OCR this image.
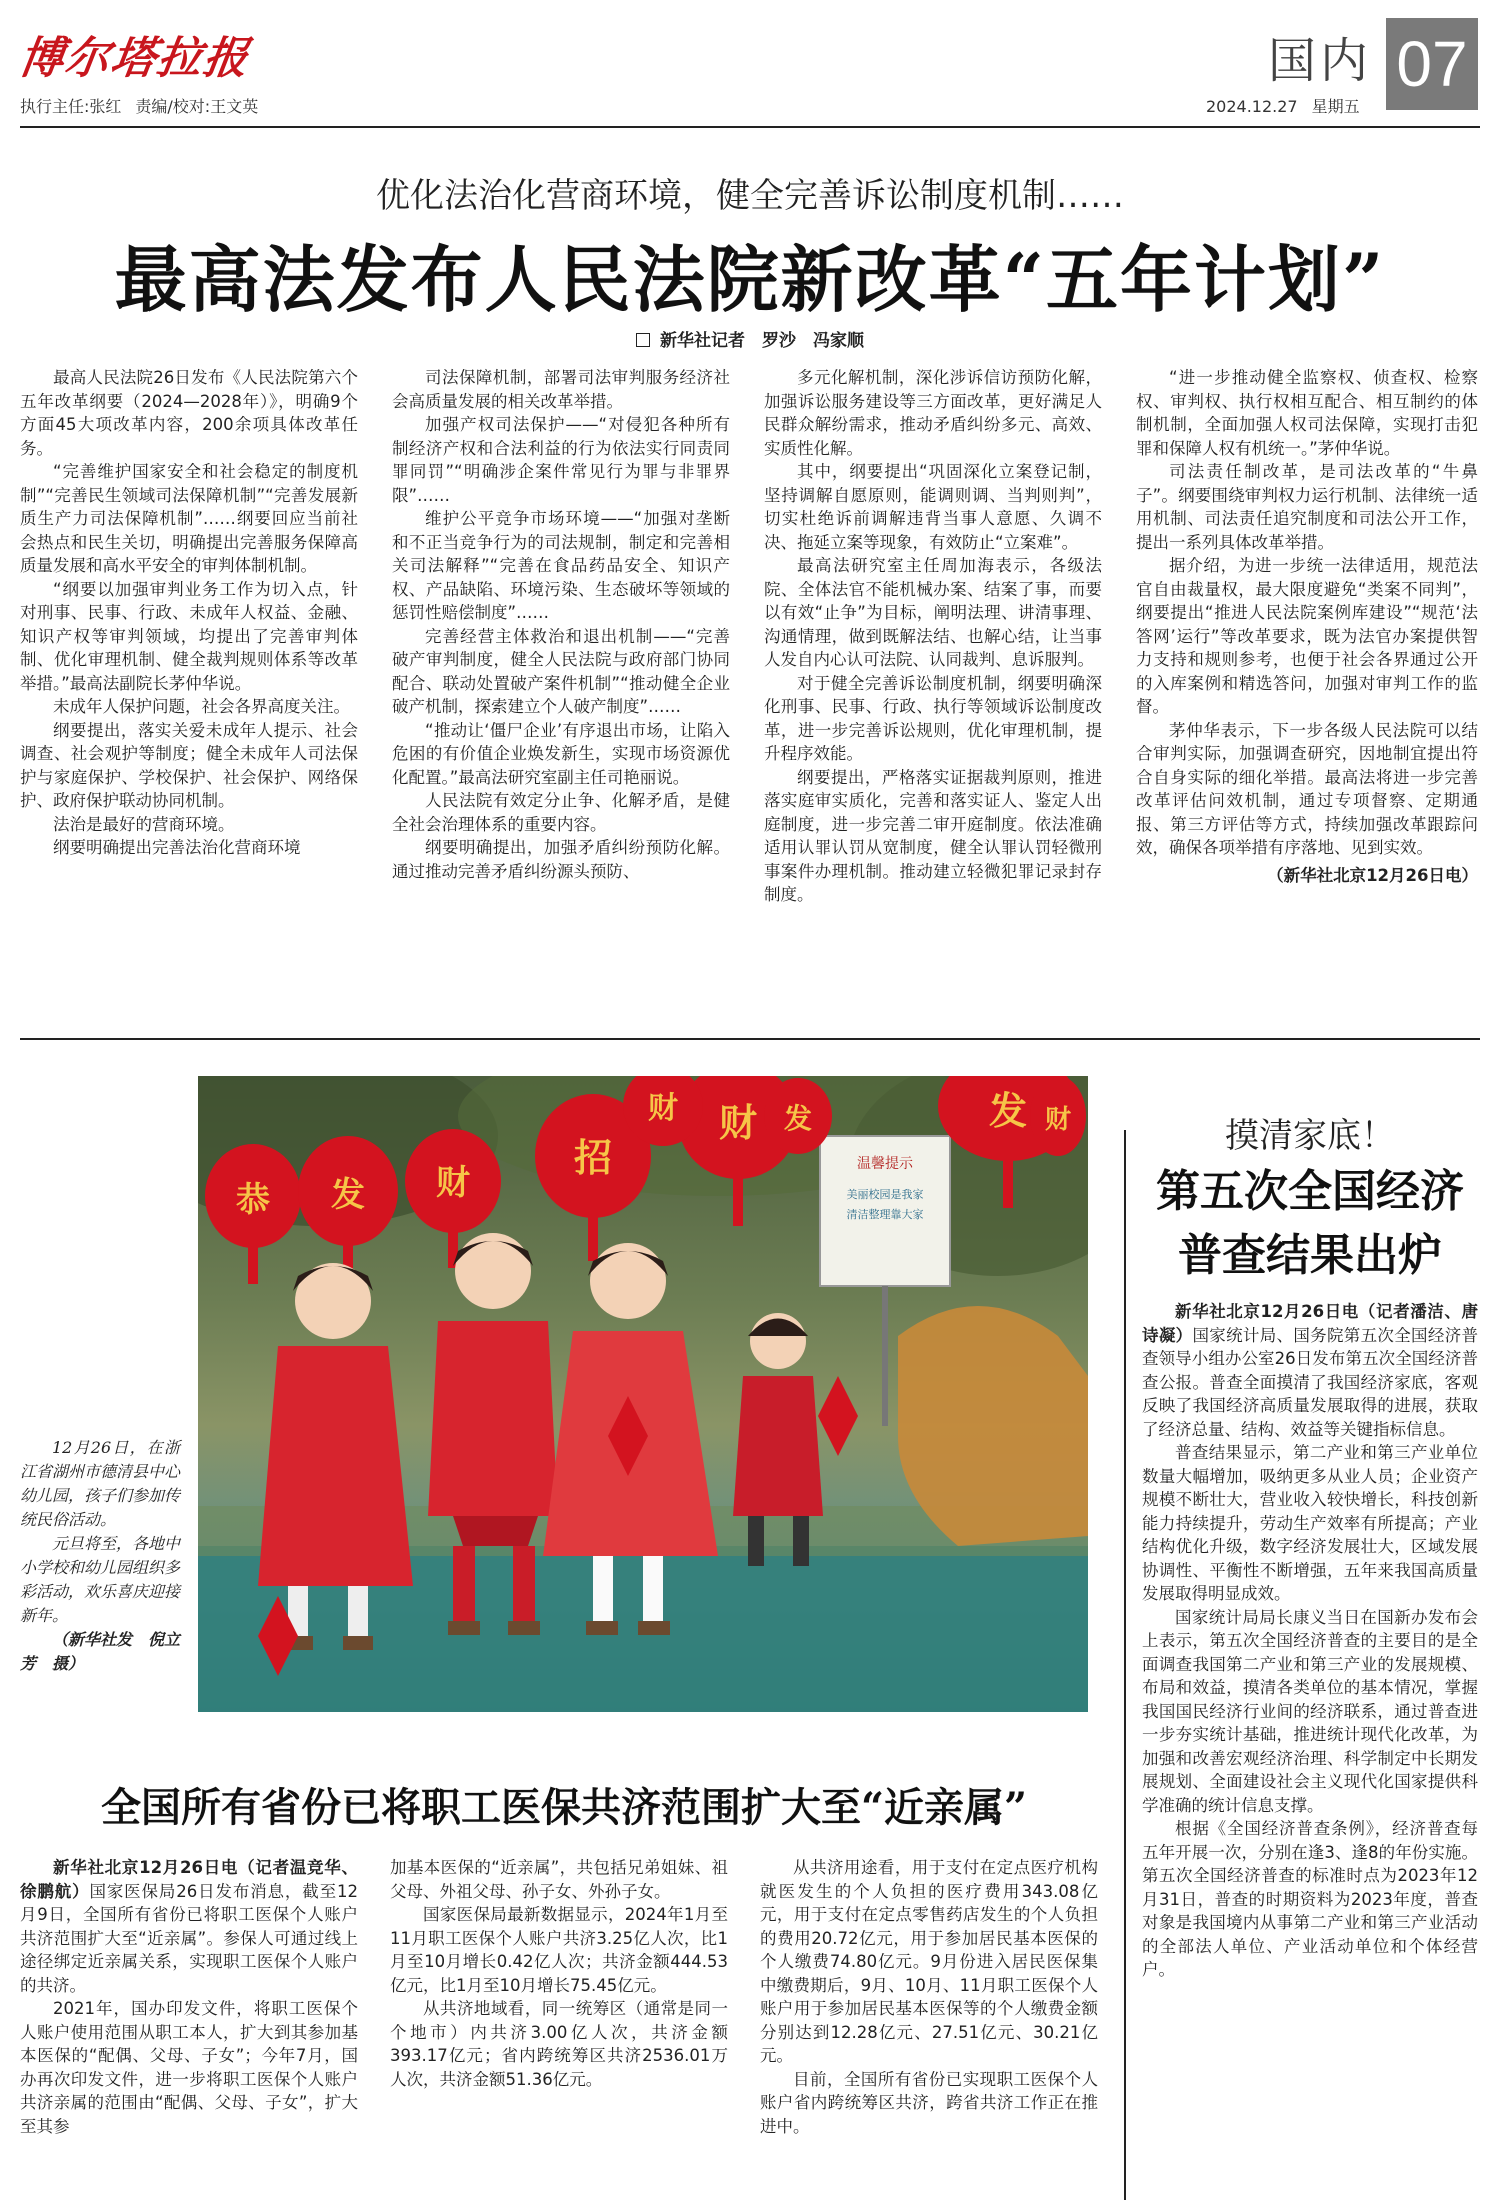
博尔塔拉报
执行主任:张红 责编/校对:王文英
国内 07
2024.12.27 星期五
优化法治化营商环境，健全完善诉讼制度机制……
最高法发布人民法院新改革“五年计划”
新华社记者　罗沙　冯家顺

最高人民法院26日发布《人民法院第六个五年改革纲要（2024—2028年）》，明确9个方面45大项改革内容，200余项具体改革任务。

“完善维护国家安全和社会稳定的制度机制”“完善民生领域司法保障机制”“完善发展新质生产力司法保障机制”……纲要回应当前社会热点和民生关切，明确提出完善服务保障高质量发展和高水平安全的审判体制机制。

“纲要以加强审判业务工作为切入点，针对刑事、民事、行政、未成年人权益、金融、知识产权等审判领域，均提出了完善审判体制、优化审理机制、健全裁判规则体系等改革举措。”最高法副院长茅仲华说。

未成年人保护问题，社会各界高度关注。

纲要提出，落实关爱未成年人提示、社会调查、社会观护等制度；健全未成年人司法保护与家庭保护、学校保护、社会保护、网络保护、政府保护联动协同机制。

法治是最好的营商环境。

纲要明确提出完善法治化营商环境

司法保障机制，部署司法审判服务经济社会高质量发展的相关改革举措。

加强产权司法保护——“对侵犯各种所有制经济产权和合法利益的行为依法实行同责同罪同罚”“明确涉企案件常见行为罪与非罪界限”……

维护公平竞争市场环境——“加强对垄断和不正当竞争行为的司法规制，制定和完善相关司法解释”“完善在食品药品安全、知识产权、产品缺陷、环境污染、生态破坏等领域的惩罚性赔偿制度”……

完善经营主体救治和退出机制——“完善破产审判制度，健全人民法院与政府部门协同配合、联动处置破产案件机制”“推动健全企业破产机制，探索建立个人破产制度”……

“推动让‘僵尸企业’有序退出市场，让陷入危困的有价值企业焕发新生，实现市场资源优化配置。”最高法研究室副主任司艳丽说。

人民法院有效定分止争、化解矛盾，是健全社会治理体系的重要内容。

纲要明确提出，加强矛盾纠纷预防化解。通过推动完善矛盾纠纷源头预防、

多元化解机制，深化涉诉信访预防化解，加强诉讼服务建设等三方面改革，更好满足人民群众解纷需求，推动矛盾纠纷多元、高效、实质性化解。

其中，纲要提出“巩固深化立案登记制，坚持调解自愿原则，能调则调、当判则判”，切实杜绝诉前调解违背当事人意愿、久调不决、拖延立案等现象，有效防止“立案难”。

最高法研究室主任周加海表示，各级法院、全体法官不能机械办案、结案了事，而要以有效“止争”为目标，阐明法理、讲清事理、沟通情理，做到既解法结、也解心结，让当事人发自内心认可法院、认同裁判、息诉服判。

对于健全完善诉讼制度机制，纲要明确深化刑事、民事、行政、执行等领域诉讼制度改革，进一步完善诉讼规则，优化审理机制，提升程序效能。

纲要提出，严格落实证据裁判原则，推进落实庭审实质化，完善和落实证人、鉴定人出庭制度，进一步完善二审开庭制度。依法准确适用认罪认罚从宽制度，健全认罪认罚轻微刑事案件办理机制。推动建立轻微犯罪记录封存制度。

“进一步推动健全监察权、侦查权、检察权、审判权、执行权相互配合、相互制约的体制机制，全面加强人权司法保障，实现打击犯罪和保障人权有机统一。”茅仲华说。

司法责任制改革，是司法改革的“牛鼻子”。纲要围绕审判权力运行机制、法律统一适用机制、司法责任追究制度和司法公开工作，提出一系列具体改革举措。

据介绍，为进一步统一法律适用，规范法官自由裁量权，最大限度避免“类案不同判”，纲要提出“推进人民法院案例库建设”“规范‘法答网’运行”等改革要求，既为法官办案提供智力支持和规则参考，也便于社会各界通过公开的入库案例和精选答问，加强对审判工作的监督。

茅仲华表示，下一步各级人民法院可以结合审判实际，加强调查研究，因地制宜提出符合自身实际的细化举措。最高法将进一步完善改革评估问效机制，通过专项督察、定期通报、第三方评估等方式，持续加强改革跟踪问效，确保各项举措有序落地、见到实效。

（新华社北京12月26日电）

温馨提示
美丽校园是我家
清洁整理靠大家
恭 发 财
招
财	发
财	发	财

12月26日，在浙江省湖州市德清县中心幼儿园，孩子们参加传统民俗活动。

元旦将至，各地中小学校和幼儿园组织多彩活动，欢乐喜庆迎接新年。

（新华社发　倪立芳　摄）

全国所有省份已将职工医保共济范围扩大至“近亲属”

新华社北京12月26日电（记者温竞华、徐鹏航）国家医保局26日发布消息，截至12月9日，全国所有省份已将职工医保个人账户共济范围扩大至“近亲属”。参保人可通过线上途径绑定近亲属关系，实现职工医保个人账户的共济。

2021年，国办印发文件，将职工医保个人账户使用范围从职工本人，扩大到其参加基本医保的“配偶、父母、子女”；今年7月，国办再次印发文件，进一步将职工医保个人账户共济亲属的范围由“配偶、父母、子女”，扩大至其参

加基本医保的“近亲属”，共包括兄弟姐妹、祖父母、外祖父母、孙子女、外孙子女。

国家医保局最新数据显示，2024年1月至11月职工医保个人账户共济3.25亿人次，比1月至10月增长0.42亿人次；共济金额444.53亿元，比1月至10月增长75.45亿元。

从共济地域看，同一统筹区（通常是同一个地市）内共济3.00亿人次，共济金额393.17亿元；省内跨统筹区共济2536.01万人次，共济金额51.36亿元。

从共济用途看，用于支付在定点医疗机构就医发生的个人负担的医疗费用343.08亿元，用于支付在定点零售药店发生的个人负担的费用20.72亿元，用于参加居民基本医保的个人缴费74.80亿元。9月份进入居民医保集中缴费期后，9月、10月、11月职工医保个人账户用于参加居民基本医保等的个人缴费金额分别达到12.28亿元、27.51亿元、30.21亿元。

目前，全国所有省份已实现职工医保个人账户省内跨统筹区共济，跨省共济工作正在推进中。

摸清家底！
第五次全国经济普查结果出炉

新华社北京12月26日电（记者潘洁、唐诗凝）国家统计局、国务院第五次全国经济普查领导小组办公室26日发布第五次全国经济普查公报。普查全面摸清了我国经济家底，客观反映了我国经济高质量发展取得的进展，获取了经济总量、结构、效益等关键指标信息。

普查结果显示，第二产业和第三产业单位数量大幅增加，吸纳更多从业人员；企业资产规模不断壮大，营业收入较快增长，科技创新能力持续提升，劳动生产效率有所提高；产业结构优化升级，数字经济发展壮大，区域发展协调性、平衡性不断增强，五年来我国高质量发展取得明显成效。

国家统计局局长康义当日在国新办发布会上表示，第五次全国经济普查的主要目的是全面调查我国第二产业和第三产业的发展规模、布局和效益，摸清各类单位的基本情况，掌握我国国民经济行业间的经济联系，通过普查进一步夯实统计基础，推进统计现代化改革，为加强和改善宏观经济治理、科学制定中长期发展规划、全面建设社会主义现代化国家提供科学准确的统计信息支撑。

根据《全国经济普查条例》，经济普查每五年开展一次，分别在逢3、逢8的年份实施。第五次全国经济普查的标准时点为2023年12月31日，普查的时期资料为2023年度，普查对象是我国境内从事第二产业和第三产业活动的全部法人单位、产业活动单位和个体经营户。
